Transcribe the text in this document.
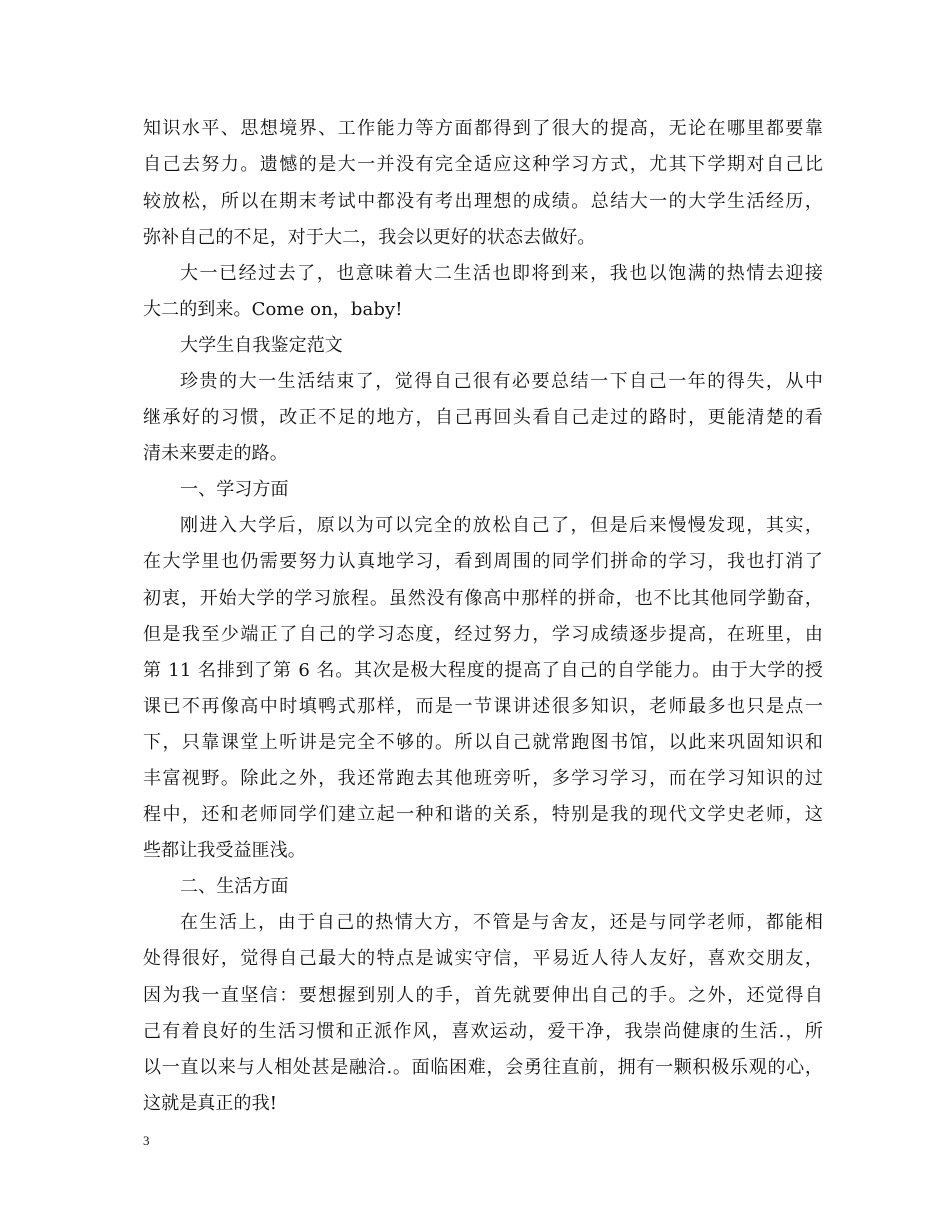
知识水平、思想境界、工作能力等方面都得到了很大的提高，无论在哪里都要靠
自己去努力。遗憾的是大一并没有完全适应这种学习方式，尤其下学期对自己比
较放松，所以在期末考试中都没有考出理想的成绩。总结大一的大学生活经历，
弥补自己的不足，对于大二，我会以更好的状态去做好。
大一已经过去了，也意味着大二生活也即将到来，我也以饱满的热情去迎接
大二的到来。Come on，baby!
大学生自我鉴定范文
珍贵的大一生活结束了，觉得自己很有必要总结一下自己一年的得失，从中
继承好的习惯，改正不足的地方，自己再回头看自己走过的路时，更能清楚的看
清未来要走的路。
一、学习方面
刚进入大学后，原以为可以完全的放松自己了，但是后来慢慢发现，其实，
在大学里也仍需要努力认真地学习，看到周围的同学们拼命的学习，我也打消了
初衷，开始大学的学习旅程。虽然没有像高中那样的拼命，也不比其他同学勤奋，
但是我至少端正了自己的学习态度，经过努力，学习成绩逐步提高，在班里，由
第 11 名排到了第 6 名。其次是极大程度的提高了自己的自学能力。由于大学的授
课已不再像高中时填鸭式那样，而是一节课讲述很多知识，老师最多也只是点一
下，只靠课堂上听讲是完全不够的。所以自己就常跑图书馆，以此来巩固知识和
丰富视野。除此之外，我还常跑去其他班旁听，多学习学习，而在学习知识的过
程中，还和老师同学们建立起一种和谐的关系，特别是我的现代文学史老师，这
些都让我受益匪浅。
二、生活方面
在生活上，由于自己的热情大方，不管是与舍友，还是与同学老师，都能相
处得很好，觉得自己最大的特点是诚实守信，平易近人待人友好，喜欢交朋友，
因为我一直坚信：要想握到别人的手，首先就要伸出自己的手。之外，还觉得自
己有着良好的生活习惯和正派作风，喜欢运动，爱干净，我崇尚健康的生活.，所
以一直以来与人相处甚是融洽.。面临困难，会勇往直前，拥有一颗积极乐观的心，
这就是真正的我!
3
